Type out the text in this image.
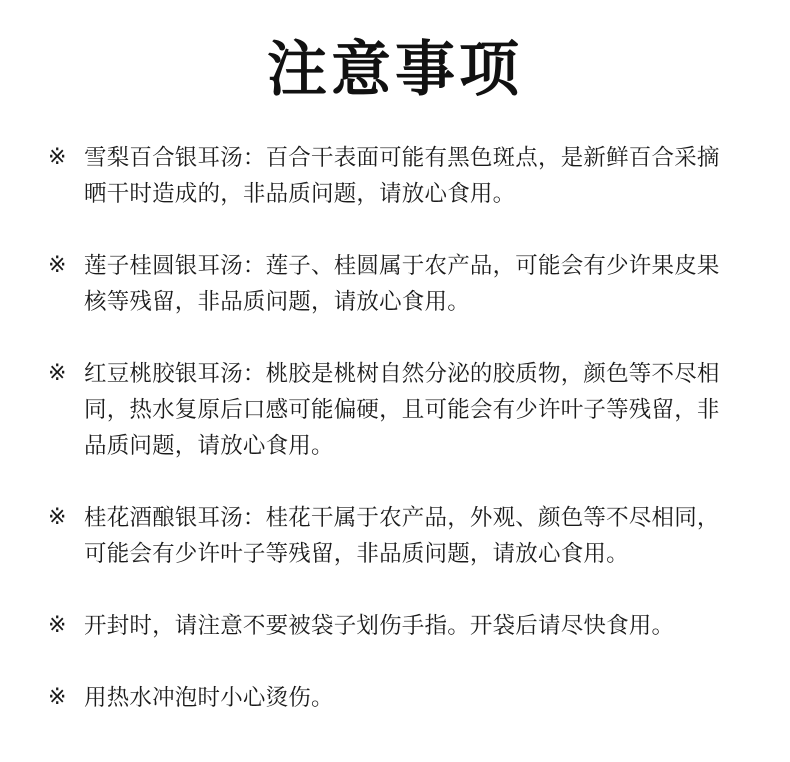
注意事项
※ 雪梨百合银耳汤：百合干表面可能有黑色斑点，是新鲜百合采摘晒干时造成的，非品质问题，请放心食用。
※ 莲子桂圆银耳汤：莲子、桂圆属于农产品，可能会有少许果皮果核等残留，非品质问题，请放心食用。
※ 红豆桃胶银耳汤：桃胶是桃树自然分泌的胶质物，颜色等不尽相同，热水复原后口感可能偏硬，且可能会有少许叶子等残留，非品质问题，请放心食用。
※ 桂花酒酿银耳汤：桂花干属于农产品，外观、颜色等不尽相同，可能会有少许叶子等残留，非品质问题，请放心食用。
※ 开封时，请注意不要被袋子划伤手指。开袋后请尽快食用。
※ 用热水冲泡时小心烫伤。
